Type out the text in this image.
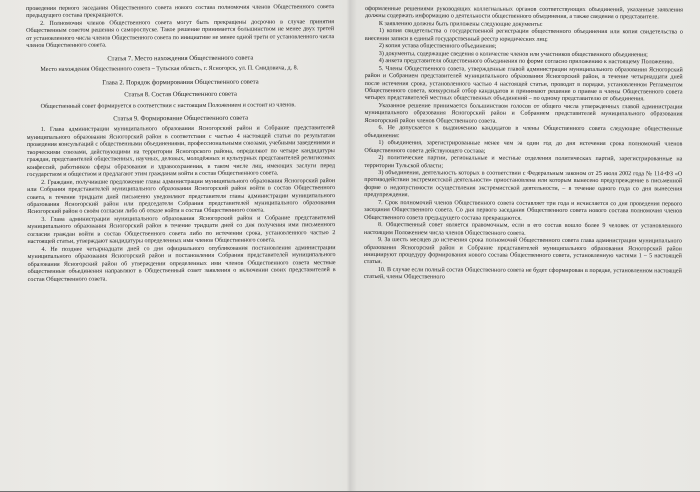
проведения первого заседания Общественного совета нового состава полномочия членов Общественного совета предыдущего состава прекращаются.

2. Полномочия членов Общественного совета могут быть прекращены досрочно в случае принятия Общественным советом решения о самороспуске. Такое решение принимается большинством не менее двух третей от установленного числа членов Общественного совета по инициативе не менее одной трети от установленного числа членов Общественного совета.

Статья 7. Место нахождения Общественного совета

Место нахождения Общественного совета – Тульская область, г. Ясногорск, ул. П. Смидовича, д. 8.

Глава 2. Порядок формирования Общественного совета

Статья 8. Состав Общественного совета

Общественный совет формируется в соответствии с настоящим Положением и состоит из членов.

Статья 9. Формирование Общественного совета

1. Глава администрации муниципального образования Ясногорский район и Собрание представителей муниципального образования Ясногорский район в соответствии с частью 4 настоящей статьи по результатам проведения консультаций с общественными объединениями, профессиональными союзами, учебными заведениями и творческими союзами, действующими на территории Ясногорского района, определяют по четыре кандидатуры граждан, представителей общественных, научных, деловых, молодёжных и культурных представителей религиозных конфессий, работников сферы образования и здравоохранения, в таком числе лиц, имеющих заслуги перед государством и обществом и предлагают этим гражданам войти в состав Общественного совета.

2. Граждане, получившие предложение главы администрации муниципального образования Ясногорский район или Собрания представителей муниципального образования Ясногорский район войти в состав Общественного совета, в течение тридцати дней письменно уведомляют представителя главы администрации муниципального образования Ясногорский район или председателя Собрания представителей муниципального образования Ясногорский район о своём согласии либо об отказе войти в состав Общественного совета.

3. Глава администрации муниципального образования Ясногорский район и Собрание представителей муниципального образования Ясногорский район в течение тридцати дней со дня получения ими письменного согласия граждан войти в состав Общественного совета либо по истечении срока, установленного частью 2 настоящей статьи, утверждают кандидатуры определенных ими членов Общественного совета.

4. Не позднее четырнадцати дней со дня официального опубликования постановления администрации муниципального образования Ясногорский район и постановления Собрания представителей муниципального образования Ясногорский район об утверждении определенных ими членов Общественного совета местные общественные объединения направляют в Общественный совет заявления о включении своих представителей в состав Общественного совета.

оформленные решениями руководящих коллегиальных органов соответствующих объединений, указанные заявления должны содержать информацию о деятельности общественного объединения, а также сведения о представителе.

К заявлению должны быть приложены следующие документы:

1) копия свидетельства о государственной регистрации общественного объединения или копия свидетельства о внесении записи в единый государственный реестр юридических лиц;

2) копия устава общественного объединения;

3) документы, содержащие сведения о количестве членов или участников общественного объединения;

4) анкета представителя общественного объединения по форме согласно приложению к настоящему Положению.

5. Члены Общественного совета, утвержденные главой администрации муниципального образования Ясногорский район и Собранием представителей муниципального образования Ясногорский район, в течение четырнадцати дней после истечения срока, установленного частью 4 настоящей статьи, проводят в порядке, установленном Регламентом Общественного совета, конкурсный отбор кандидатов и принимают решение о приеме в члены Общественного совета четырех представителей местных общественных объединений – по одному представителю от объединения.

Указанное решение принимается большинством голосов от общего числа утвержденных главой администрации муниципального образования Ясногорский район и Собранием представителей муниципального образования Ясногорский район членов Общественного совета.

6. Не допускается к выдвижению кандидатов в члены Общественного совета следующие общественные объединения:

1) объединения, зарегистрированные менее чем за один год до дня истечения срока полномочий членов Общественного совета действующего состава;

2) политические партии, региональные и местные отделения политических партий, зарегистрированные на территории Тульской области;

3) объединения, деятельность которых в соответствии с Федеральным законом от 25 июля 2002 года № 114-ФЗ «О противодействии экстремистской деятельности» приостановлена или которым вынесено предупреждение в письменной форме о недопустимости осуществления экстремистской деятельности, – в течение одного года со дня вынесения предупреждения.

7. Срок полномочий членов Общественного совета составляет три года и исчисляется со дня проведения первого заседания Общественного совета. Со дня первого заседания Общественного совета нового состава полномочия членов Общественного совета предыдущего состава прекращаются.

8. Общественный совет является правомочным, если в его состав вошло более 9 человек от установленного настоящим Положением числа членов Общественного совета.

9. За шесть месяцев до истечения срока полномочий Общественного совета глава администрации муниципального образования Ясногорский район и Собрание представителей муниципального образования Ясногорский район инициируют процедуру формирования нового состава Общественного совета, установленную частями 1 – 5 настоящей статьи.

10. В случае если полный состав Общественного совета не будет сформирован в порядке, установленном настоящей статьей, члены Общественного
